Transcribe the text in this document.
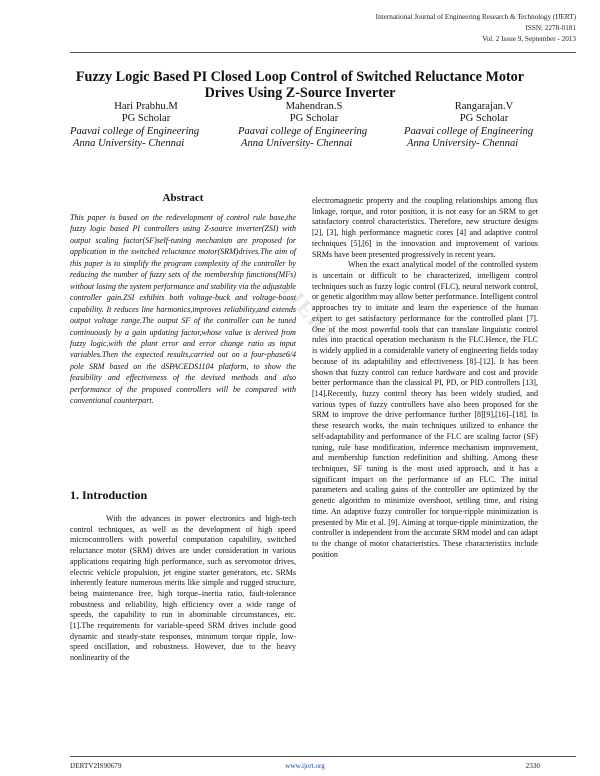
International Journal of Engineering Research & Technology (IJERT)
ISSN: 2278-0181
Vol. 2 Issue 9, September - 2013
Fuzzy Logic Based PI Closed Loop Control of Switched Reluctance Motor Drives Using Z-Source Inverter
Hari Prabhu.M
PG Scholar
Paavai college of Engineering
Anna University- Chennai
Mahendran.S
PG Scholar
Paavai college of Engineering
Anna University- Chennai
Rangarajan.V
PG Scholar
Paavai college of Engineering
Anna University- Chennai
Abstract

This paper is based on the redevelopment of control rule base,the fuzzy logic based PI controllers using Z-source inverter(ZSI) with output scaling factor(SF)self-tuning mechanism are proposed for application in the switched reluctance motor(SRM)drives.The aim of this paper is to simplify the program complexity of the controller by reducing the number of fuzzy sets of the membership functions(MFs) without losing the system performance and stability via the adjustable controller gain.ZSI exhibits both voltage-buck and voltage-boost capability. It reduces line harmonics,improves reliability,and extends output voltage range.The output SF of the controller can be tuned continuously by a gain updating factor,whose value is derived from fuzzy logic,with the plant error and error change ratio as input variables.Then the expected results,carried out on a four-phase6/4 pole SRM based on the dSPACEDS1104 platform, to show the feasibility and effectiveness of the devised methods and also performance of the proposed controllers will be compared with conventional counterpart.

1. Introduction

With the advances in power electronics and high-tech control techniques, as well as the development of high speed microcontrollers with powerful computation capability, switched reluctance motor (SRM) drives are under consideration in various applications requiring high performance, such as servomotor drives, electric vehicle propulsion, jet engine starter generators, etc. SRMs inherently feature numerous merits like simple and rugged structure, being maintenance free, high torque–inertia ratio, fault-tolerance robustness and reliability, high efficiency over a wide range of speeds, the capability to run in abominable circumstances, etc. [1].The requirements for variable-speed SRM drives include good dynamic and steady-state responses, minimum torque ripple, low-speed oscillation, and robustness. However, due to the heavy nonlinearity of the

electromagnetic property and the coupling relationships among flux linkage, torque, and rotor position, it is not easy for an SRM to get satisfactory control characteristics. Therefore, new structure designs [2], [3], high performance magnetic cores [4] and adaptive control techniques [5],[6] in the innovation and improvement of various SRMs have been presented progressively in recent years.

When the exact analytical model of the controlled system is uncertain or difficult to be characterized, intelligent control techniques such as fuzzy logic control (FLC), neural network control, or genetic algorithm may allow better performance. Intelligent control approaches try to imitate and learn the experience of the human expert to get satisfactory performance for the controlled plant [7]. One of the most powerful tools that can translate linguistic control rules into practical operation mechanism is the FLC.Hence, the FLC is widely applied in a considerable variety of engineering fields today because of its adaptability and effectiveness [8]–[12]. It has been shown that fuzzy control can reduce hardware and cost and provide better performance than the classical PI, PD, or PID controllers [13],[14].Recently, fuzzy control theory has been widely studied, and various types of fuzzy controllers have also been proposed for the SRM to improve the drive performance further [8][9],[16]–[18]. In these research works, the main techniques utilized to enhance the self-adaptability and performance of the FLC are scaling factor (SF) tuning, rule base modification, inference mechanism improvement, and membership function redefinition and shifting. Among these techniques, SF tuning is the most used approach, and it has a significant impact on the performance of an FLC. The initial parameters and scaling gains of the controller are optimized by the genetic algorithm to minimize overshoot, settling time, and rising time. An adaptive fuzzy controller for torque-ripple minimization is presented by Mir et al. [9]. Aiming at torque-ripple minimization, the controller is independent from the accurate SRM model and can adapt to the change of motor characteristics. These characteristics include position

IJERT
IJERTV2IS90679	www.ijert.org	2330
